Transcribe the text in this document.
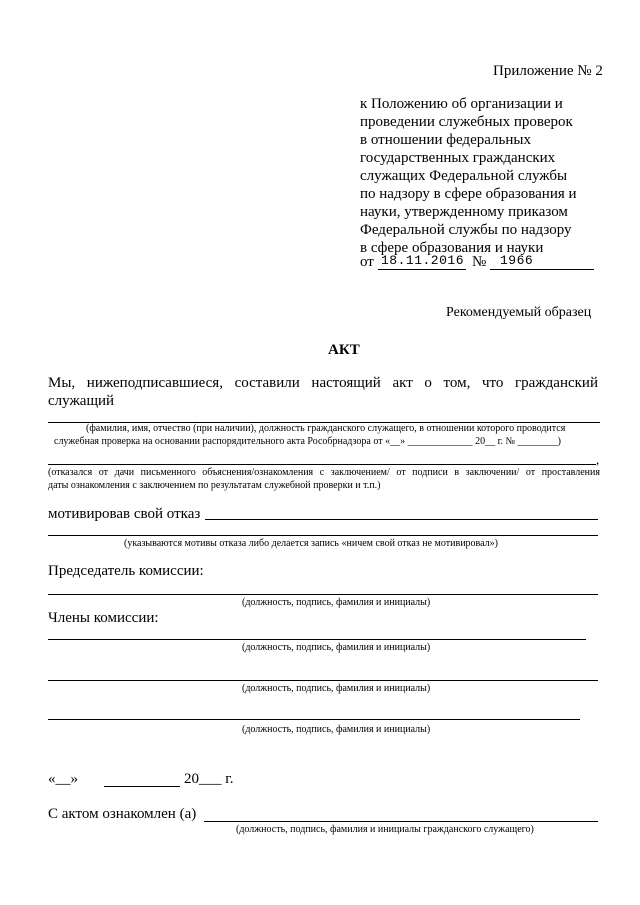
Приложение № 2
к Положению об организации и
проведении служебных проверок
в отношении федеральных
государственных гражданских
служащих Федеральной службы
по надзору в сфере образования и
науки, утвержденному приказом
Федеральной службы по надзору
в сфере образования и науки
от 18.11.2016 № 1966
Рекомендуемый образец
АКТ
Мы, нижеподписавшиеся, составили настоящий акт о том, что гражданский
служащий
(фамилия, имя, отчество (при наличии), должность гражданского служащего, в отношении которого проводится
служебная проверка на основании распорядительного акта Рособрнадзора от «__» _____________ 20__ г. № ________)
,
(отказался от дачи письменного объяснения/ознакомления с заключением/ от подписи в заключении/ от проставления
даты ознакомления с заключением по результатам служебной проверки и т.п.)
мотивировав свой отказ
(указываются мотивы отказа либо делается запись «ничем свой отказ не мотивировал»)
Председатель комиссии:
(должность, подпись, фамилия и инициалы)
Члены комиссии:
(должность, подпись, фамилия и инициалы)
(должность, подпись, фамилия и инициалы)
(должность, подпись, фамилия и инициалы)
«__»	20___ г.
С актом ознакомлен (а)
(должность, подпись, фамилия и инициалы гражданского служащего)
